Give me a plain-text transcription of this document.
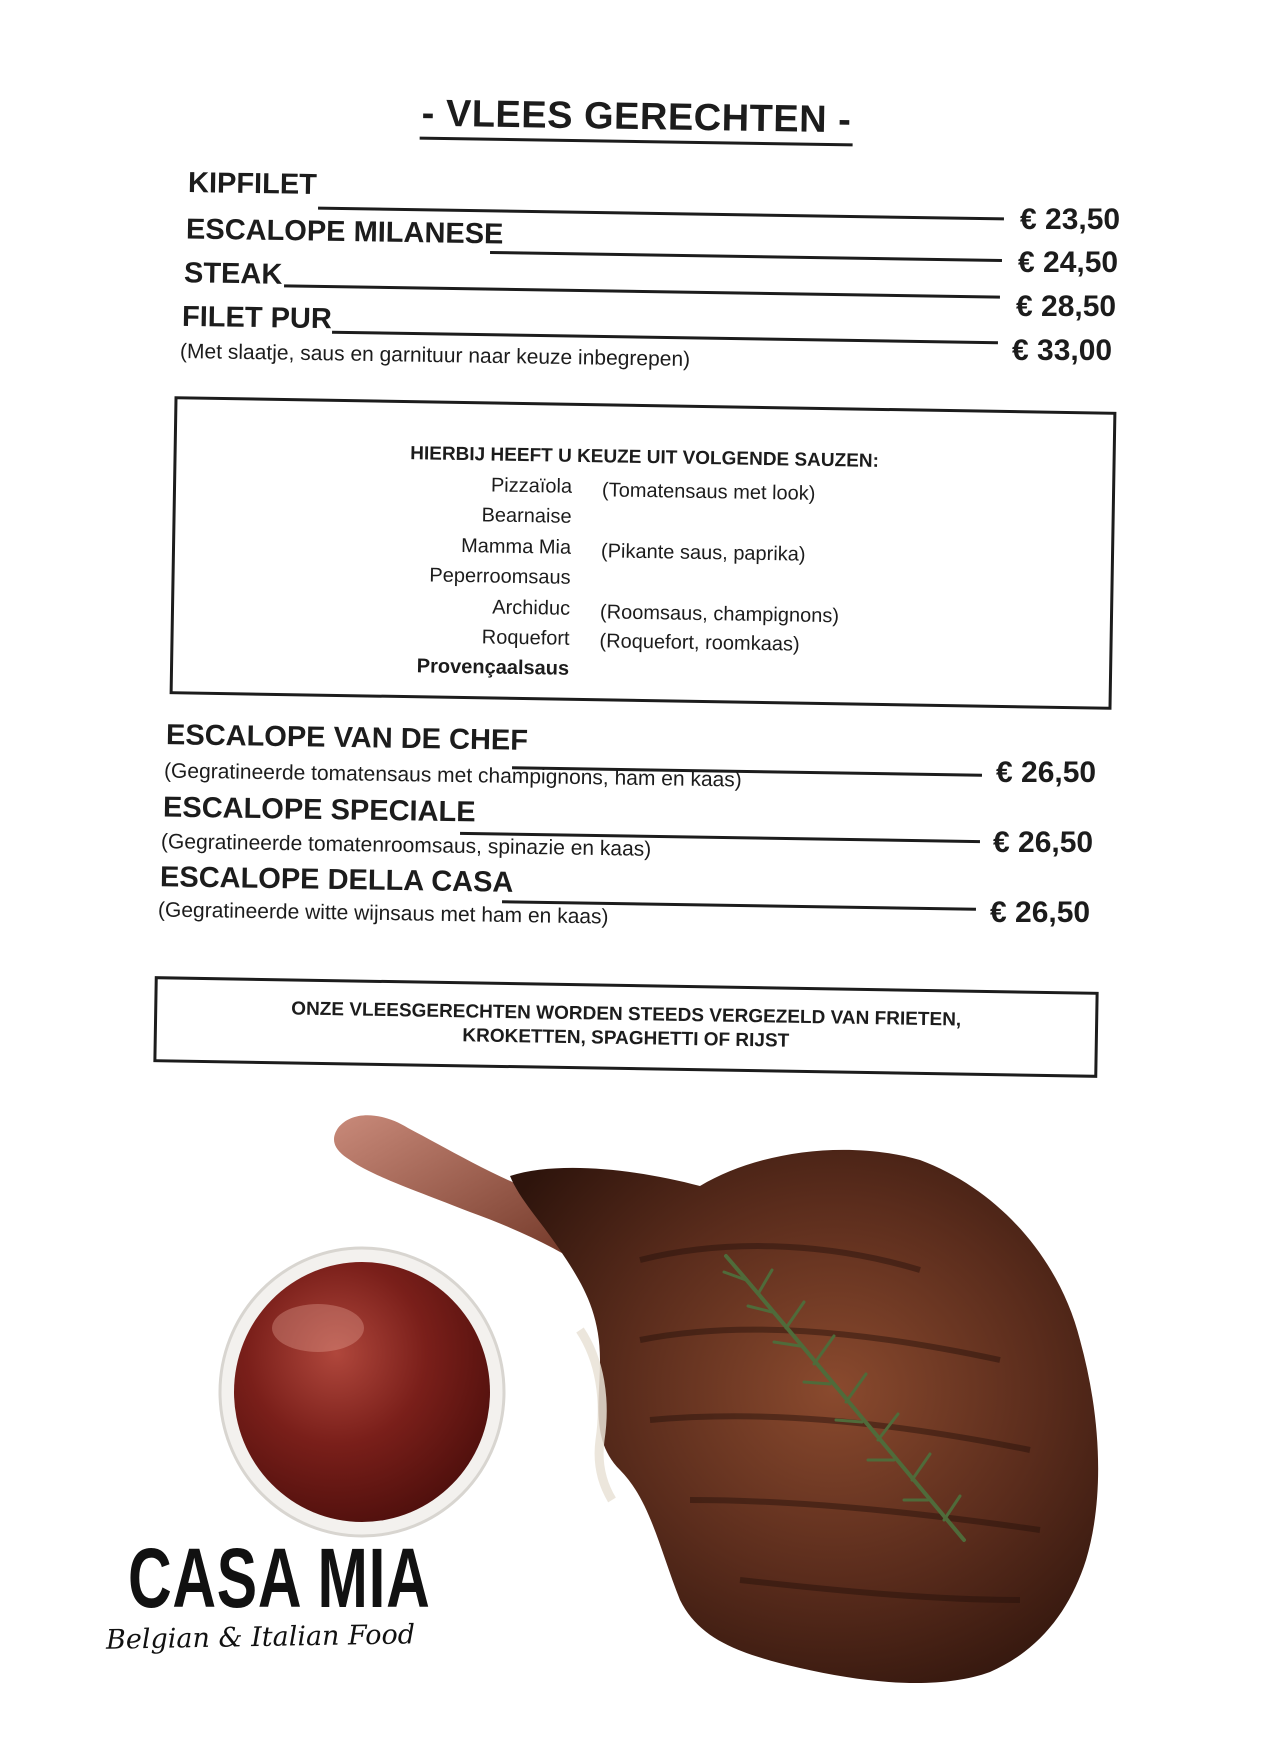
- VLEES GERECHTEN -
KIPFILET
€ 23,50
ESCALOPE MILANESE
€ 24,50
STEAK
€ 28,50
FILET PUR
€ 33,00
(Met slaatje, saus en garnituur naar keuze inbegrepen)
HIERBIJ HEEFT U KEUZE UIT VOLGENDE SAUZEN:
Pizzaïola (Tomatensaus met look)
Bearnaise
Mamma Mia (Pikante saus, paprika)
Peperroomsaus
Archiduc (Roomsaus, champignons)
Roquefort (Roquefort, roomkaas)
Provençaalsaus
ESCALOPE VAN DE CHEF
€ 26,50
(Gegratineerde tomatensaus met champignons, ham en kaas)
ESCALOPE SPECIALE
€ 26,50
(Gegratineerde tomatenroomsaus, spinazie en kaas)
ESCALOPE DELLA CASA
€ 26,50
(Gegratineerde witte wijnsaus met ham en kaas)
ONZE VLEESGERECHTEN WORDEN STEEDS VERGEZELD VAN FRIETEN,
KROKETTEN, SPAGHETTI OF RIJST
CASA MIA
Belgian & Italian Food
